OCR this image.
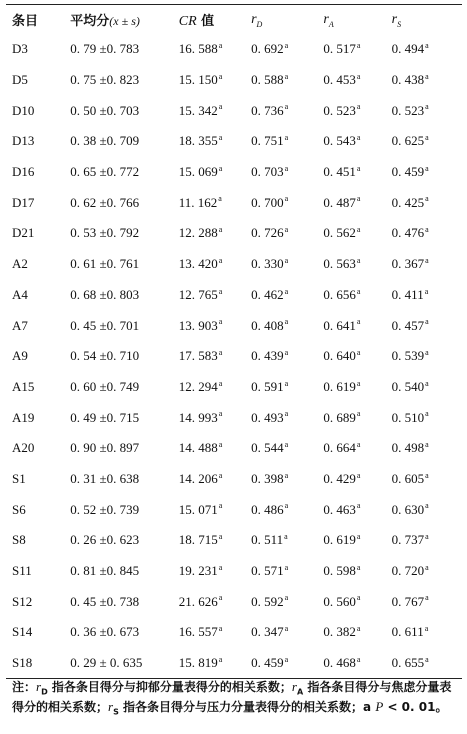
条目	平均分(x ± s)	CR 值	$r_D$	$r_A$	$r_S$
D3	0. 79 ±0. 783	16. 588$^a$	0. 692$^a$	0. 517$^a$	0. 494$^a$
D5	0. 75 ±0. 823	15. 150$^a$	0. 588$^a$	0. 453$^a$	0. 438$^a$
D10	0. 50 ±0. 703	15. 342$^a$	0. 736$^a$	0. 523$^a$	0. 523$^a$
D13	0. 38 ±0. 709	18. 355$^a$	0. 751$^a$	0. 543$^a$	0. 625$^a$
D16	0. 65 ±0. 772	15. 069$^a$	0. 703$^a$	0. 451$^a$	0. 459$^a$
D17	0. 62 ±0. 766	11. 162$^a$	0. 700$^a$	0. 487$^a$	0. 425$^a$
D21	0. 53 ±0. 792	12. 288$^a$	0. 726$^a$	0. 562$^a$	0. 476$^a$
A2	0. 61 ±0. 761	13. 420$^a$	0. 330$^a$	0. 563$^a$	0. 367$^a$
A4	0. 68 ±0. 803	12. 765$^a$	0. 462$^a$	0. 656$^a$	0. 411$^a$
A7	0. 45 ±0. 701	13. 903$^a$	0. 408$^a$	0. 641$^a$	0. 457$^a$
A9	0. 54 ±0. 710	17. 583$^a$	0. 439$^a$	0. 640$^a$	0. 539$^a$
A15	0. 60 ±0. 749	12. 294$^a$	0. 591$^a$	0. 619$^a$	0. 540$^a$
A19	0. 49 ±0. 715	14. 993$^a$	0. 493$^a$	0. 689$^a$	0. 510$^a$
A20	0. 90 ±0. 897	14. 488$^a$	0. 544$^a$	0. 664$^a$	0. 498$^a$
S1	0. 31 ±0. 638	14. 206$^a$	0. 398$^a$	0. 429$^a$	0. 605$^a$
S6	0. 52 ±0. 739	15. 071$^a$	0. 486$^a$	0. 463$^a$	0. 630$^a$
S8	0. 26 ±0. 623	18. 715$^a$	0. 511$^a$	0. 619$^a$	0. 737$^a$
S11	0. 81 ±0. 845	19. 231$^a$	0. 571$^a$	0. 598$^a$	0. 720$^a$
S12	0. 45 ±0. 738	21. 626$^a$	0. 592$^a$	0. 560$^a$	0. 767$^a$
S14	0. 36 ±0. 673	16. 557$^a$	0. 347$^a$	0. 382$^a$	0. 611$^a$
S18	0. 29 ± 0. 635	15. 819$^a$	0. 459$^a$	0. 468$^a$	0. 655$^a$
注：$r_D$ 指各条目得分与抑郁分量表得分的相关系数；$r_A$ 指各条目得分与焦虑分量表得分的相关系数；$r_S$ 指各条目得分与压力分量表得分的相关系数；a P < 0. 01。
